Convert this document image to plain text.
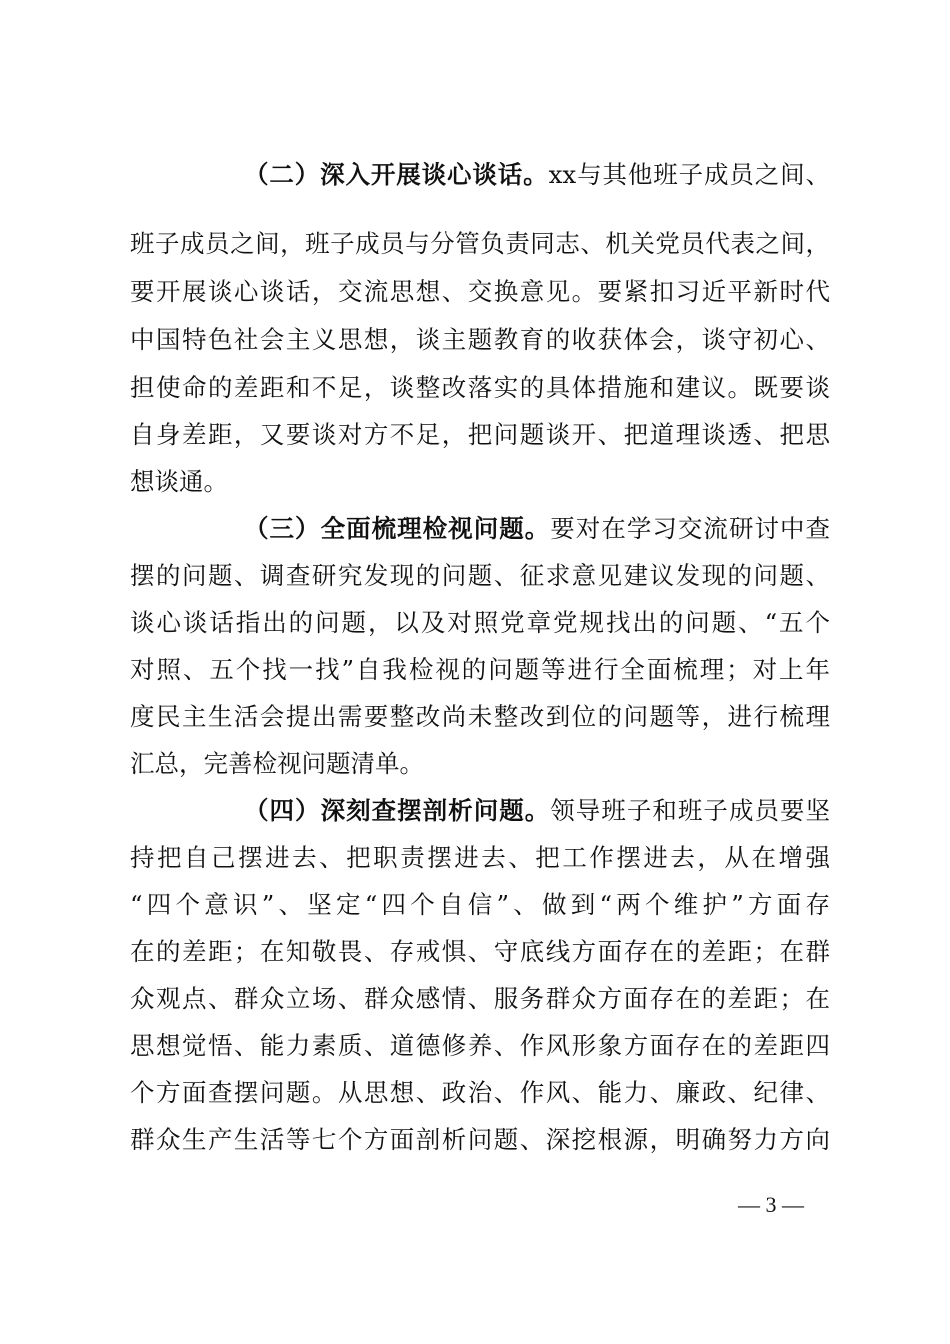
（二）深入开展谈心谈话。xx与其他班子成员之间、
班子成员之间，班子成员与分管负责同志、机关党员代表之间，
要开展谈心谈话，交流思想、交换意见。要紧扣习近平新时代
中国特色社会主义思想，谈主题教育的收获体会，谈守初心、
担使命的差距和不足，谈整改落实的具体措施和建议。既要谈
自身差距，又要谈对方不足，把问题谈开、把道理谈透、把思
想谈通。
（三）全面梳理检视问题。要对在学习交流研讨中查
摆的问题、调查研究发现的问题、征求意见建议发现的问题、
谈心谈话指出的问题，以及对照党章党规找出的问题、“五个
对照、五个找一找”自我检视的问题等进行全面梳理；对上年
度民主生活会提出需要整改尚未整改到位的问题等，进行梳理
汇总，完善检视问题清单。
（四）深刻查摆剖析问题。领导班子和班子成员要坚
持把自己摆进去、把职责摆进去、把工作摆进去，从在增强
“四个意识”、坚定“四个自信”、做到“两个维护”方面存
在的差距；在知敬畏、存戒惧、守底线方面存在的差距；在群
众观点、群众立场、群众感情、服务群众方面存在的差距；在
思想觉悟、能力素质、道德修养、作风形象方面存在的差距四
个方面查摆问题。从思想、政治、作风、能力、廉政、纪律、
群众生产生活等七个方面剖析问题、深挖根源，明确努力方向
— 3 —
